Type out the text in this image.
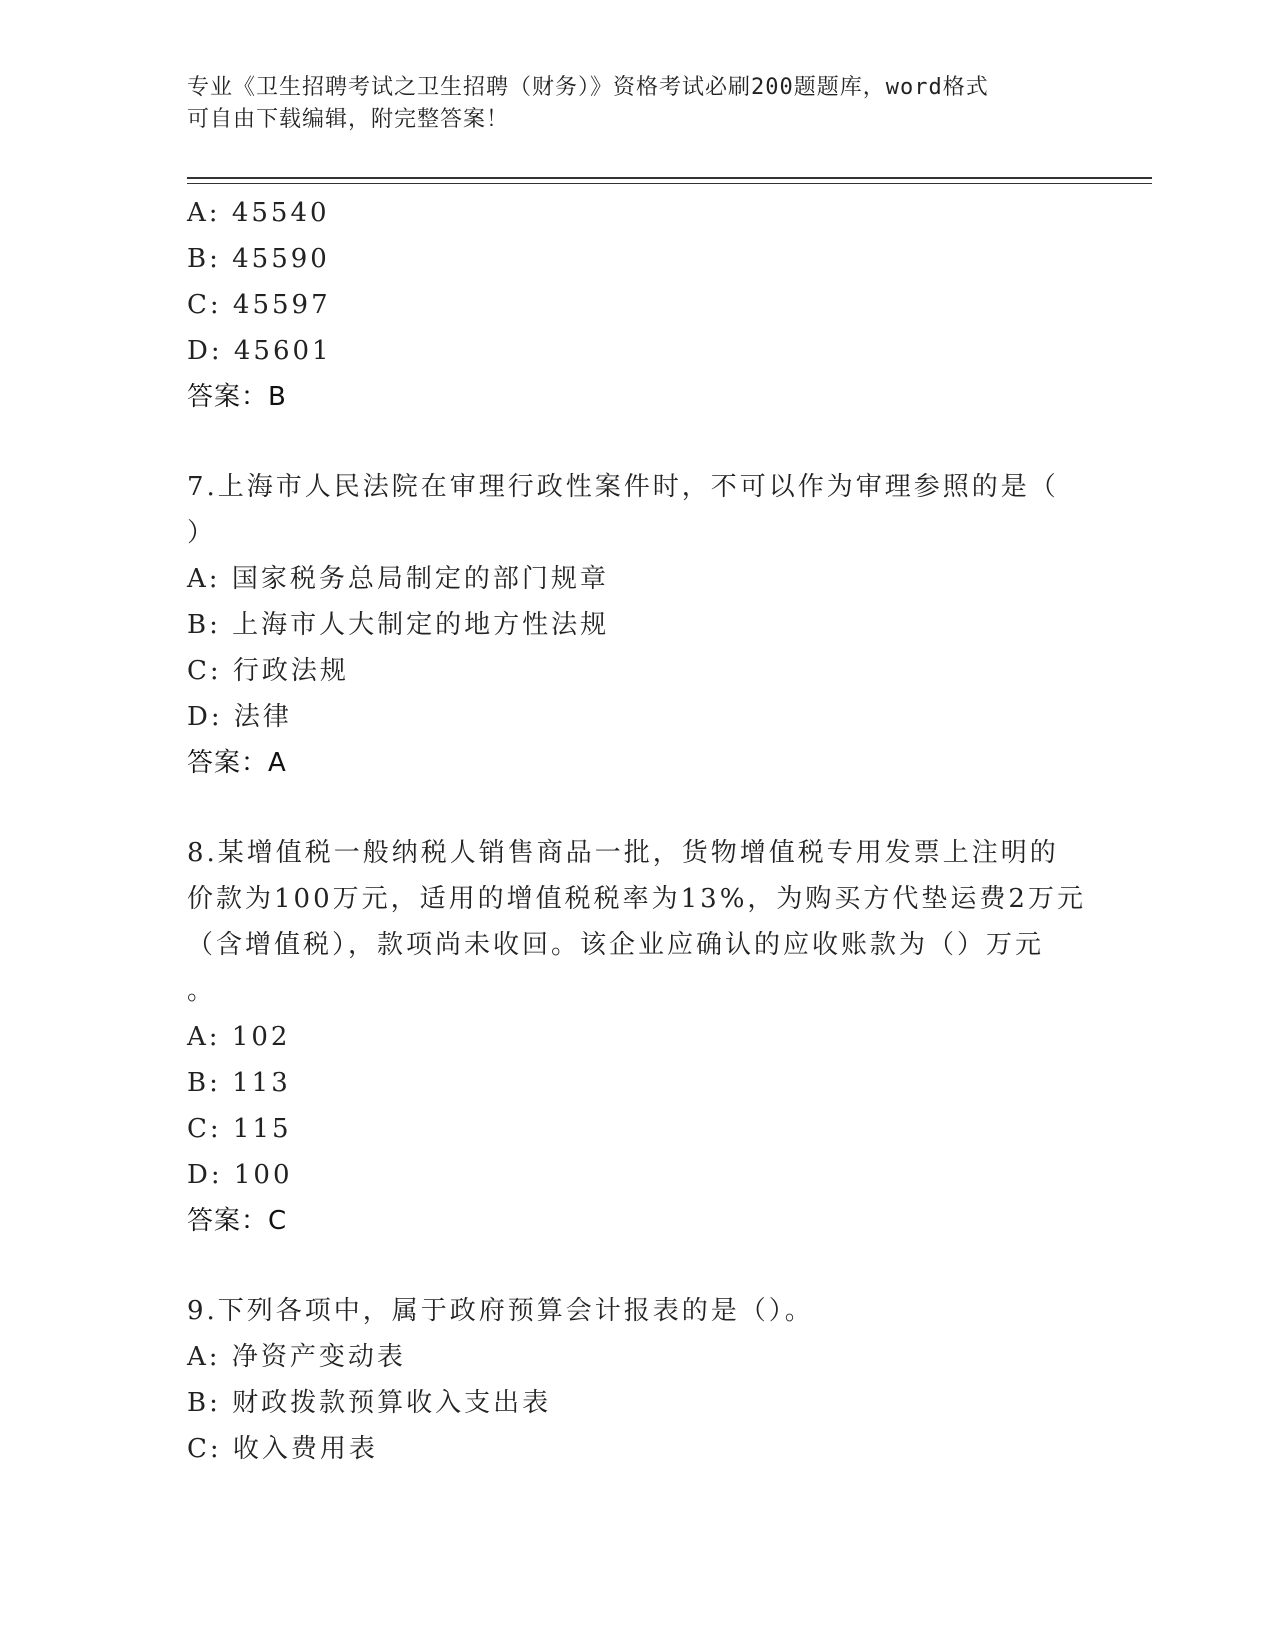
专业《卫生招聘考试之卫生招聘（财务）》资格考试必刷200题题库，word格式
可自由下载编辑，附完整答案！
A: 45540
B: 45590
C: 45597
D: 45601
答案：B
7.上海市人民法院在审理行政性案件时，不可以作为审理参照的是（
）
A: 国家税务总局制定的部门规章
B: 上海市人大制定的地方性法规
C: 行政法规
D: 法律
答案：A
8.某增值税一般纳税人销售商品一批，货物增值税专用发票上注明的
价款为100万元，适用的增值税税率为13%，为购买方代垫运费2万元
（含增值税），款项尚未收回。该企业应确认的应收账款为（）万元
。
A: 102
B: 113
C: 115
D: 100
答案：C
9.下列各项中，属于政府预算会计报表的是（）。
A: 净资产变动表
B: 财政拨款预算收入支出表
C: 收入费用表
